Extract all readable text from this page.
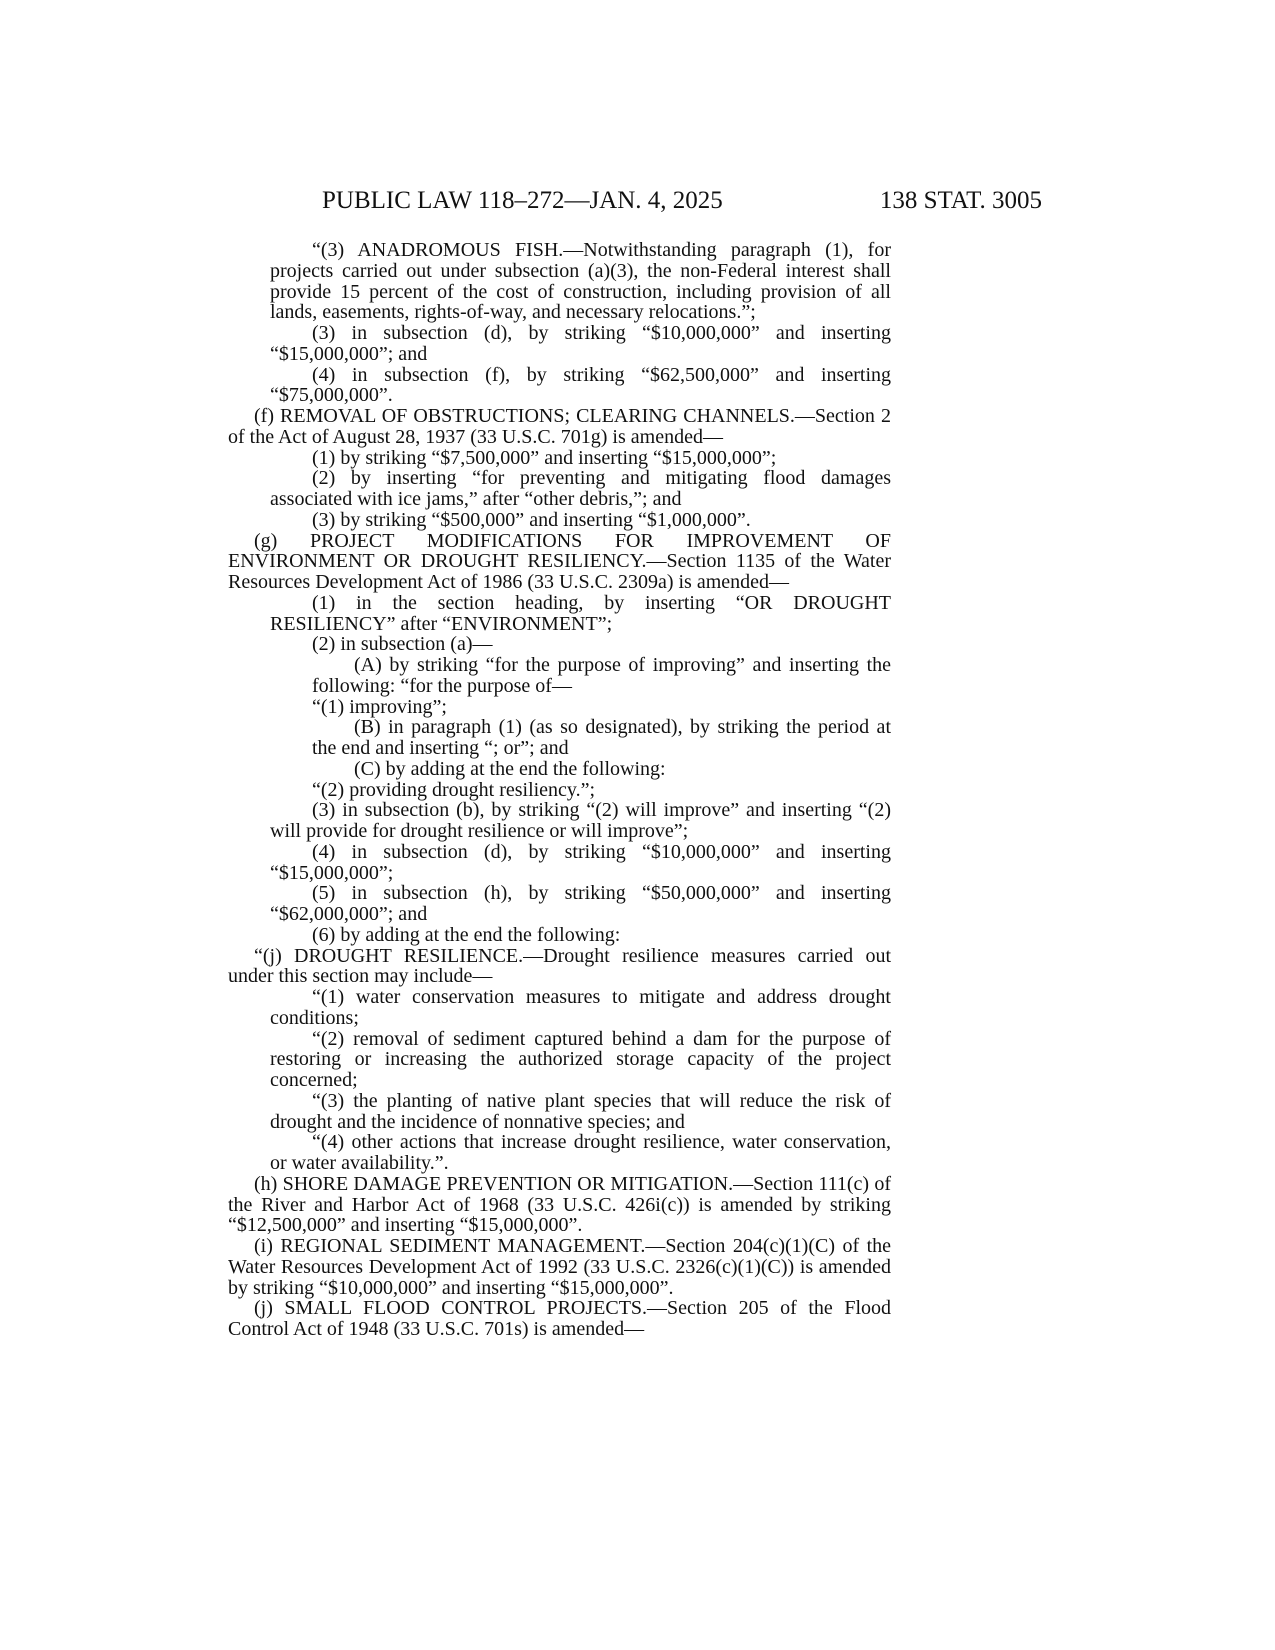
PUBLIC LAW 118–272—JAN. 4, 2025	138 STAT. 3005

“(3) ANADROMOUS FISH.—Notwithstanding paragraph (1), for projects carried out under subsection (a)(3), the non-Federal interest shall provide 15 percent of the cost of construction, including provision of all lands, easements, rights-of-way, and necessary relocations.”;

(3) in subsection (d), by striking “$10,000,000” and inserting “$15,000,000”; and

(4) in subsection (f), by striking “$62,500,000” and inserting “$75,000,000”.

(f) REMOVAL OF OBSTRUCTIONS; CLEARING CHANNELS.—Section 2 of the Act of August 28, 1937 (33 U.S.C. 701g) is amended—

(1) by striking “$7,500,000” and inserting “$15,000,000”;

(2) by inserting “for preventing and mitigating flood damages associated with ice jams,” after “other debris,”; and

(3) by striking “$500,000” and inserting “$1,000,000”.

(g) PROJECT MODIFICATIONS FOR IMPROVEMENT OF ENVIRONMENT OR DROUGHT RESILIENCY.—Section 1135 of the Water Resources Development Act of 1986 (33 U.S.C. 2309a) is amended—

(1) in the section heading, by inserting “OR DROUGHT RESILIENCY” after “ENVIRONMENT”;

(2) in subsection (a)—

(A) by striking “for the purpose of improving” and inserting the following: “for the purpose of—

“(1) improving”;

(B) in paragraph (1) (as so designated), by striking the period at the end and inserting “; or”; and

(C) by adding at the end the following:

“(2) providing drought resiliency.”;

(3) in subsection (b), by striking “(2) will improve” and inserting “(2) will provide for drought resilience or will improve”;

(4) in subsection (d), by striking “$10,000,000” and inserting “$15,000,000”;

(5) in subsection (h), by striking “$50,000,000” and inserting “$62,000,000”; and

(6) by adding at the end the following:

“(j) DROUGHT RESILIENCE.—Drought resilience measures carried out under this section may include—

“(1) water conservation measures to mitigate and address drought conditions;

“(2) removal of sediment captured behind a dam for the purpose of restoring or increasing the authorized storage capacity of the project concerned;

“(3) the planting of native plant species that will reduce the risk of drought and the incidence of nonnative species; and

“(4) other actions that increase drought resilience, water conservation, or water availability.”.

(h) SHORE DAMAGE PREVENTION OR MITIGATION.—Section 111(c) of the River and Harbor Act of 1968 (33 U.S.C. 426i(c)) is amended by striking “$12,500,000” and inserting “$15,000,000”.

(i) REGIONAL SEDIMENT MANAGEMENT.—Section 204(c)(1)(C) of the Water Resources Development Act of 1992 (33 U.S.C. 2326(c)(1)(C)) is amended by striking “$10,000,000” and inserting “$15,000,000”.

(j) SMALL FLOOD CONTROL PROJECTS.—Section 205 of the Flood Control Act of 1948 (33 U.S.C. 701s) is amended—
